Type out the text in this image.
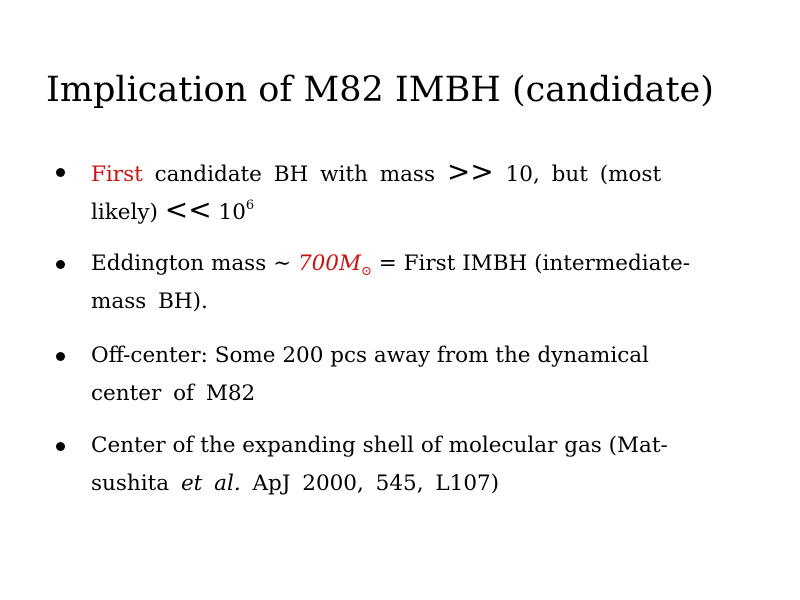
Implication of M82 IMBH (candidate)
First candidate BH with mass >> 10, but (most
likely) << $10^6$
Eddington mass ∼ $700M_⊙$ = First IMBH (intermediate-
mass BH).
Off-center: Some 200 pcs away from the dynamical
center of M82
Center of the expanding shell of molecular gas (Mat-
sushita et al. ApJ 2000, 545, L107)
